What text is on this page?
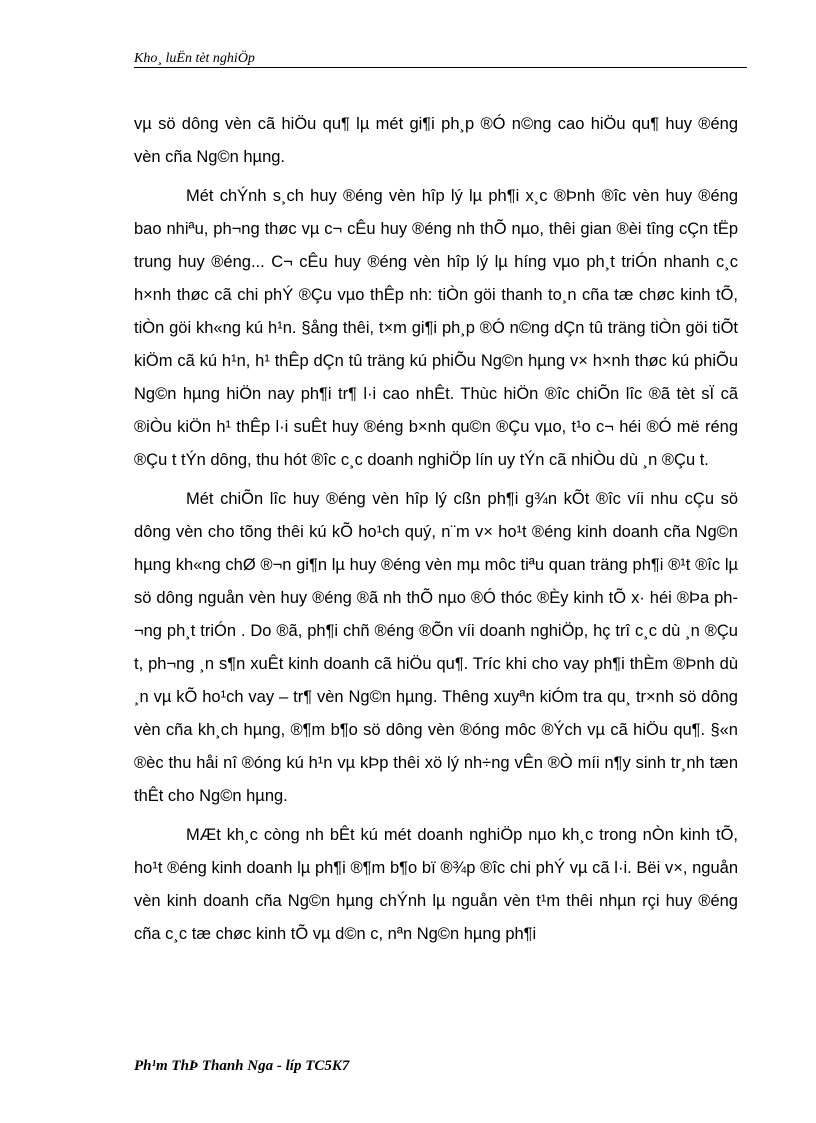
Kho¸ luËn tèt nghiÖp

vµ sö dông vèn cã hiÖu qu¶ lµ mét gi¶i ph¸p ®Ó n©ng cao hiÖu qu¶ huy ®éng vèn cña Ng©n hµng.

Mét chÝnh s¸ch huy ®éng vèn hîp lý lµ ph¶i x¸c ®Þnh ®îc vèn huy ®éng bao nhiªu, ph¬ng thøc vµ c¬ cÊu huy ®éng nh thÕ nµo, thêi gian ®èi tîng cÇn tËp trung huy ®éng... C¬ cÊu huy ®éng vèn hîp lý lµ híng vµo ph¸t triÓn nhanh c¸c h×nh thøc cã chi phÝ ®Çu vµo thÊp nh: tiÒn göi thanh to¸n cña tæ chøc kinh tÕ, tiÒn göi kh«ng kú h¹n. §ång thêi, t×m gi¶i ph¸p ®Ó n©ng dÇn tû träng tiÒn göi tiÕt kiÖm cã kú h¹n, h¹ thÊp dÇn tû träng kú phiÕu Ng©n hµng v× h×nh thøc kú phiÕu Ng©n hµng hiÖn nay ph¶i tr¶ l·i cao nhÊt. Thùc hiÖn ®îc chiÕn lîc ®ã tèt sÏ cã ®iÒu kiÖn h¹ thÊp l·i suÊt huy ®éng b×nh qu©n ®Çu vµo, t¹o c¬ héi ®Ó më réng ®Çu t tÝn dông, thu hót ®îc c¸c doanh nghiÖp lín uy tÝn cã nhiÒu dù ¸n ®Çu t.

Mét chiÕn lîc huy ®éng vèn hîp lý cßn ph¶i g¾n kÕt ®îc víi nhu cÇu sö dông vèn cho tõng thêi kú kÕ ho¹ch quý, n¨m v× ho¹t ®éng kinh doanh cña Ng©n hµng kh«ng chØ ®¬n gi¶n lµ huy ®éng vèn mµ môc tiªu quan träng ph¶i ®¹t ®îc lµ sö dông nguån vèn huy ®éng ®ã nh thÕ nµo ®Ó thóc ®Èy kinh tÕ x· héi ®Þa ph¬ng ph¸t triÓn . Do ®ã, ph¶i chñ ®éng ®Õn víi doanh nghiÖp, hç trî c¸c dù ¸n ®Çu t, ph¬ng ¸n s¶n xuÊt kinh doanh cã hiÖu qu¶. Tríc khi cho vay ph¶i thÈm ®Þnh dù ¸n vµ kÕ ho¹ch vay – tr¶ vèn Ng©n hµng. Thêng xuyªn kiÓm tra qu¸ tr×nh sö dông vèn cña kh¸ch hµng, ®¶m b¶o sö dông vèn ®óng môc ®Ých vµ cã hiÖu qu¶. §«n ®èc thu håi nî ®óng kú h¹n vµ kÞp thêi xö lý nh÷ng vÊn ®Ò míi n¶y sinh tr¸nh tæn thÊt cho Ng©n hµng.

MÆt kh¸c còng nh bÊt kú mét doanh nghiÖp nµo kh¸c trong nÒn kinh tÕ, ho¹t ®éng kinh doanh lµ ph¶i ®¶m b¶o bï ®¾p ®îc chi phÝ vµ cã l·i. Bëi v×, nguån vèn kinh doanh cña Ng©n hµng chÝnh lµ nguån vèn t¹m thêi nhµn rçi huy ®éng cña c¸c tæ chøc kinh tÕ vµ d©n c, nªn Ng©n hµng ph¶i

Ph¹m ThÞ Thanh Nga - líp TC5K7
